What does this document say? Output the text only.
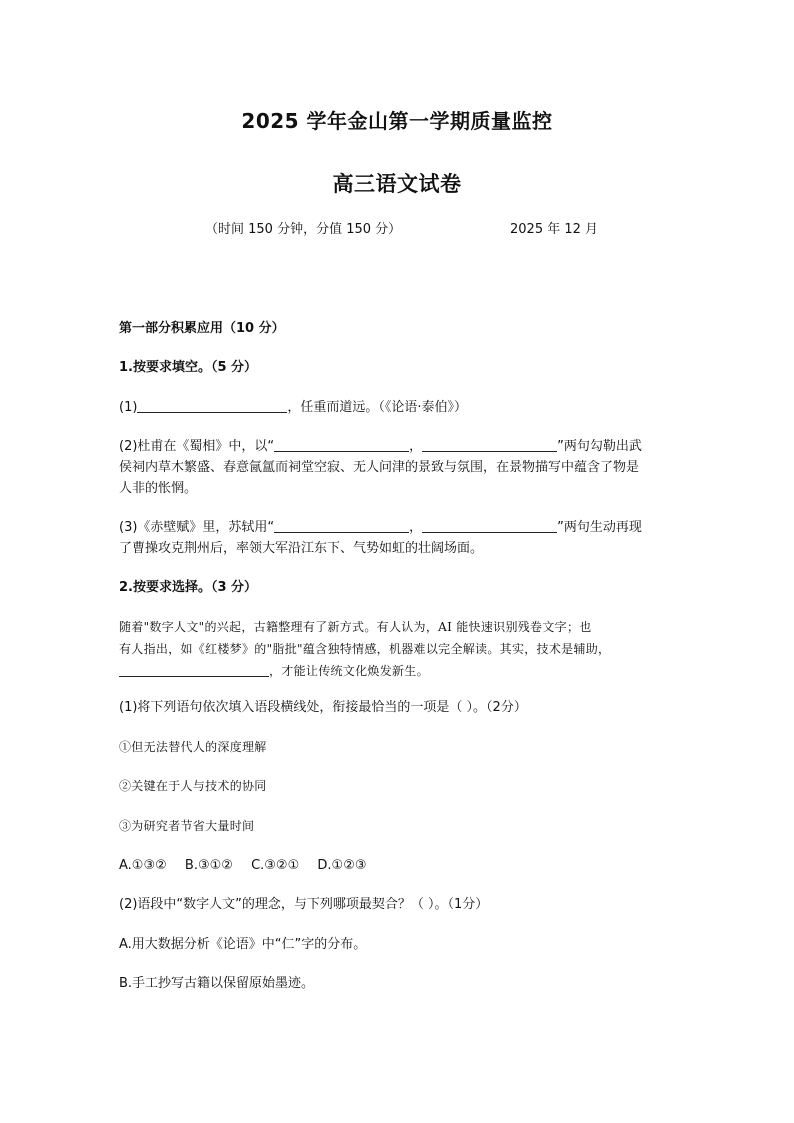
2025 学年金山第一学期质量监控
高三语文试卷
（时间 150 分钟，分值 150 分）	2025 年 12 月
第一部分积累应用（10 分）
1.按要求填空。（5 分）
(1)	，任重而道远。（《论语·泰伯》）
(2)杜甫在《蜀相》中，以“	，	”两句勾勒出武
侯祠内草木繁盛、春意氤氲而祠堂空寂、无人问津的景致与氛围，在景物描写中蕴含了物是
人非的怅惘。
(3)《赤壁赋》里，苏轼用“	，	”两句生动再现
了曹操攻克荆州后，率领大军沿江东下、气势如虹的壮阔场面。
2.按要求选择。（3 分）
随着"数字人文"的兴起，古籍整理有了新方式。有人认为，AI 能快速识别残卷文字；也
有人指出，如《红楼梦》的"脂批"蕴含独特情感，机器难以完全解读。其实，技术是辅助，
，才能让传统文化焕发新生。
(1)将下列语句依次填入语段横线处，衔接最恰当的一项是（ ）。（2分）
①但无法替代人的深度理解
②关键在于人与技术的协同
③为研究者节省大量时间
A.①③② B.③①② C.③②① D.①②③
(2)语段中“数字人文”的理念，与下列哪项最契合？（ ）。（1分）
A.用大数据分析《论语》中“仁”字的分布。
B.手工抄写古籍以保留原始墨迹。
